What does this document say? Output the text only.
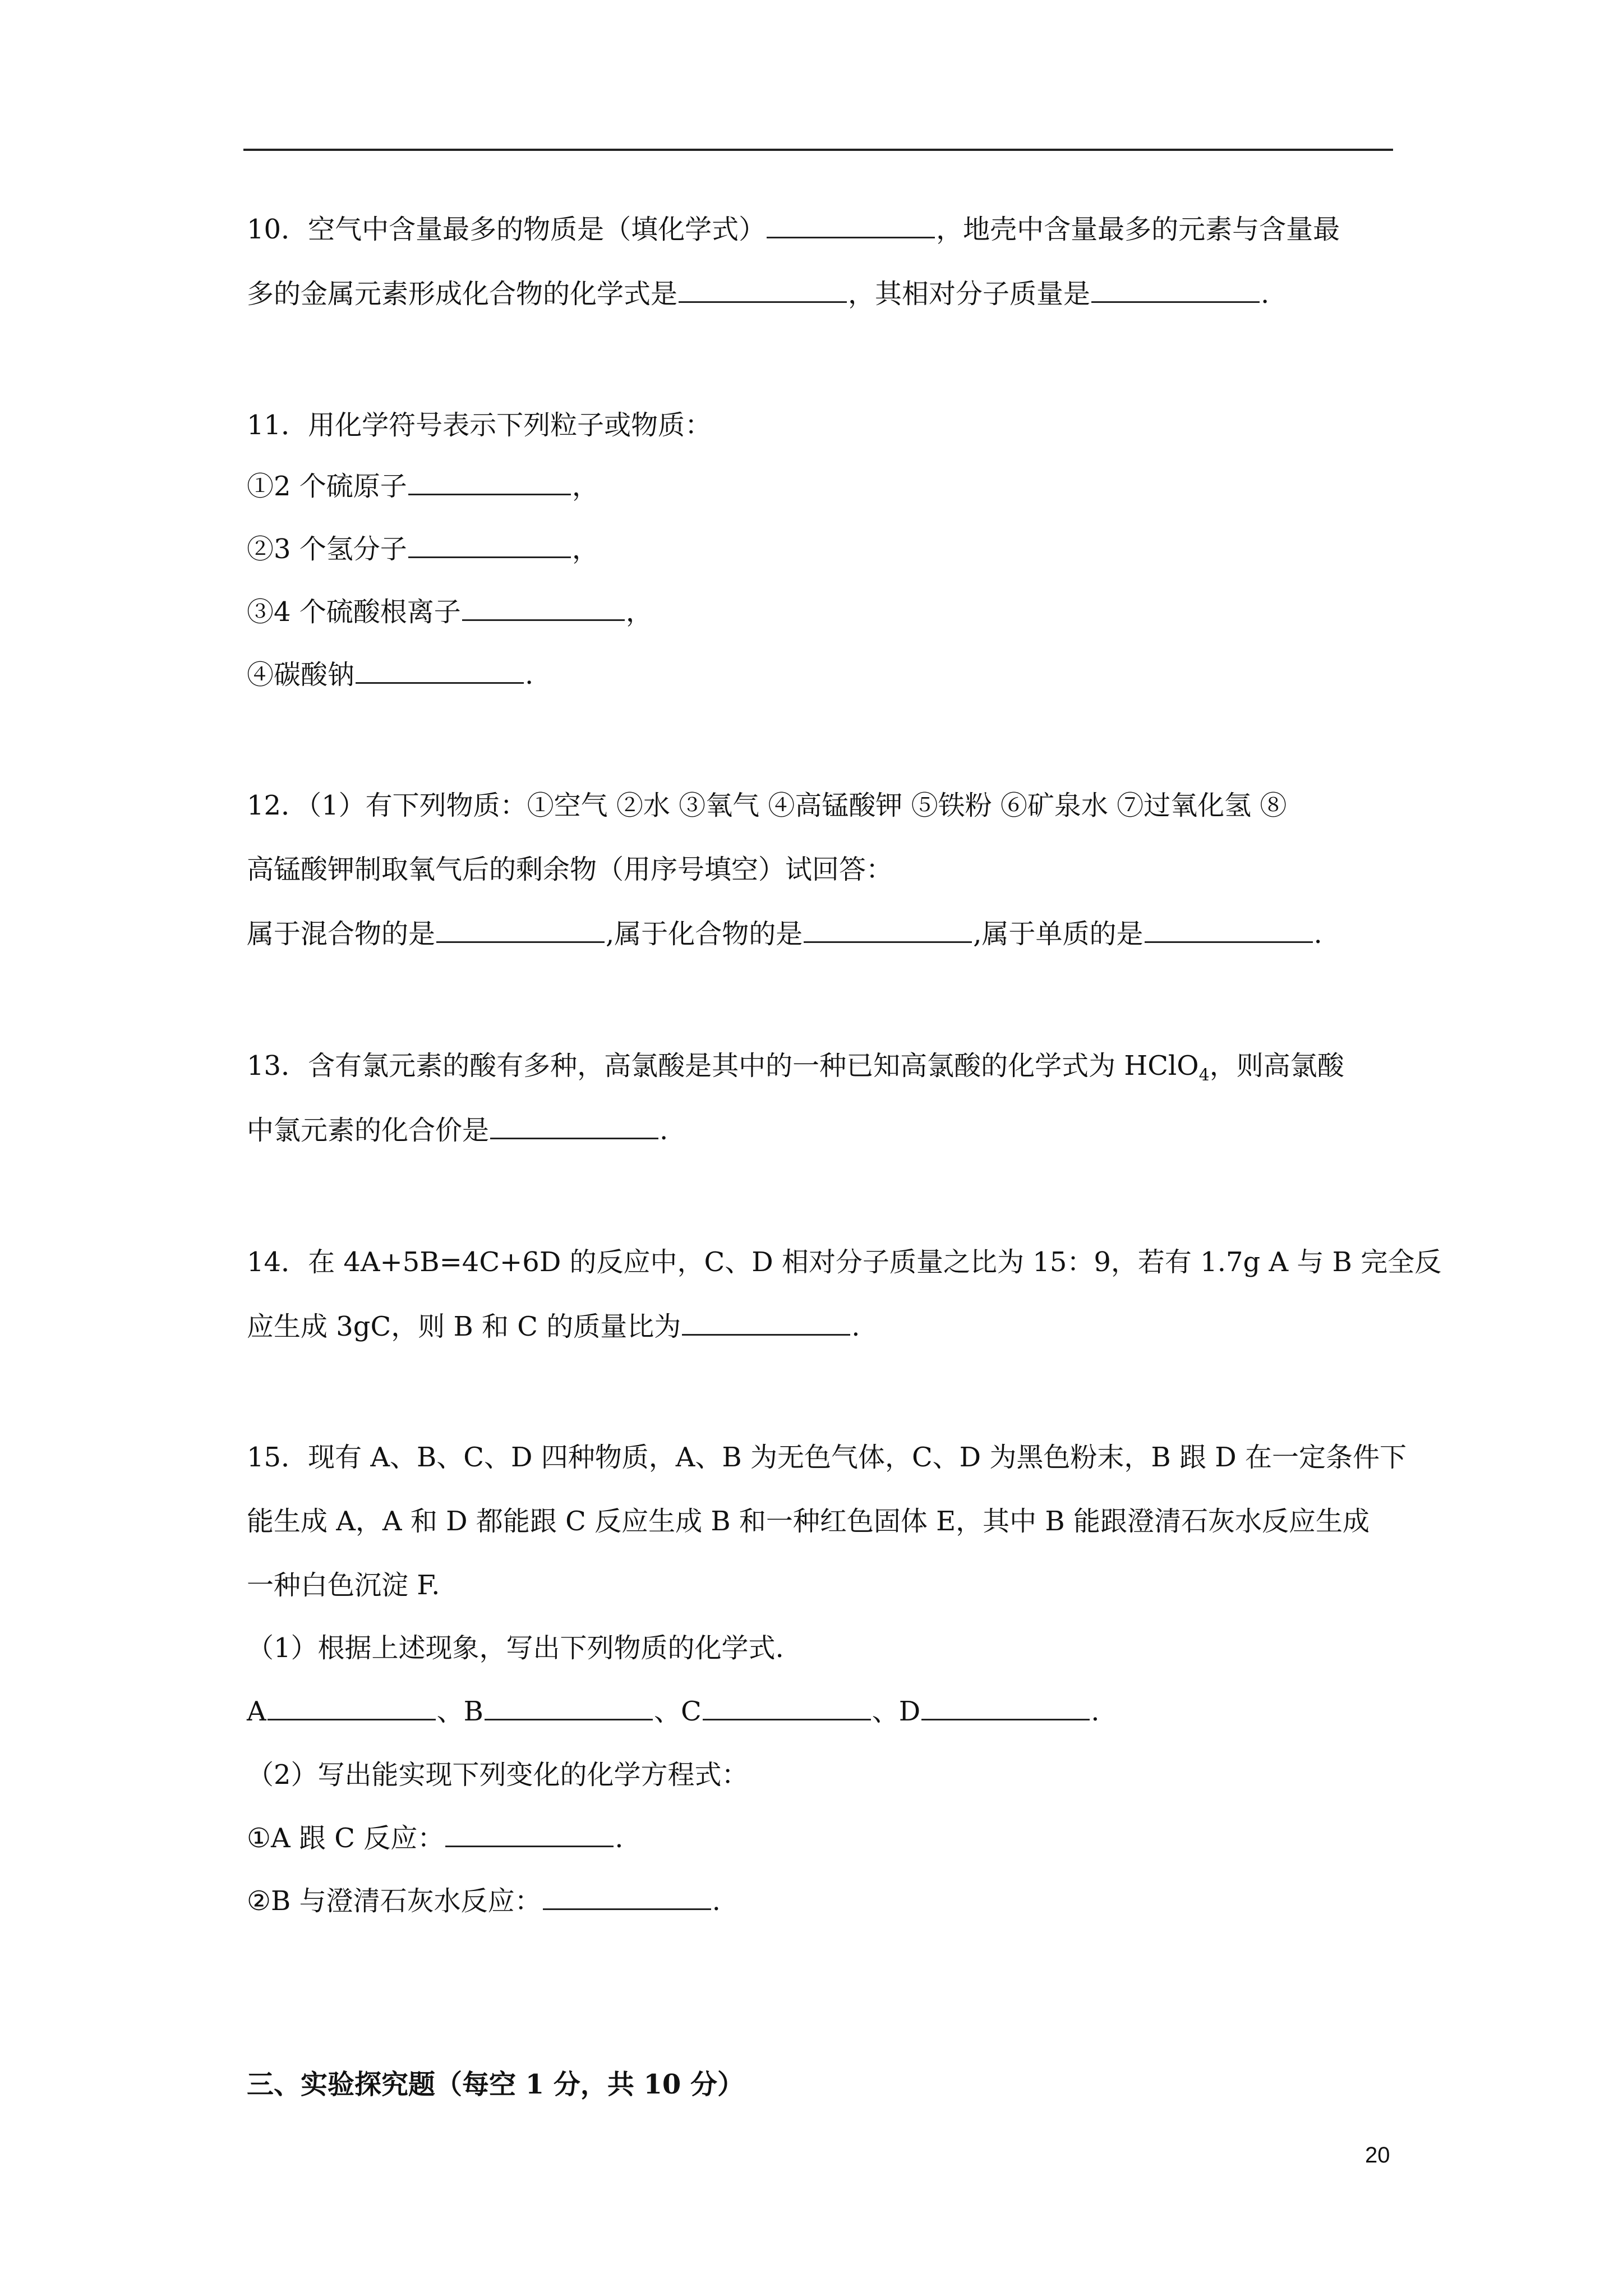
10．空气中含量最多的物质是（填化学式）	，地壳中含量最多的元素与含量最
多的金属元素形成化合物的化学式是	，其相对分子质量是	.
11．用化学符号表示下列粒子或物质：
①2 个硫原子	，
②3 个氢分子	，
③4 个硫酸根离子	，
④碳酸钠	.
12．（1）有下列物质：①空气 ②水 ③氧气 ④高锰酸钾 ⑤铁粉 ⑥矿泉水 ⑦过氧化氢 ⑧
高锰酸钾制取氧气后的剩余物（用序号填空）试回答：
属于混合物的是	,属于化合物的是	,属于单质的是	.
13．含有氯元素的酸有多种，高氯酸是其中的一种已知高氯酸的化学式为 HClO$_4$，则高氯酸
中氯元素的化合价是	.
14．在 4A+5B=4C+6D 的反应中，C、D 相对分子质量之比为 15：9，若有 1.7g A 与 B 完全反
应生成 3gC，则 B 和 C 的质量比为	.
15．现有 A、B、C、D 四种物质，A、B 为无色气体，C、D 为黑色粉末，B 跟 D 在一定条件下
能生成 A，A 和 D 都能跟 C 反应生成 B 和一种红色固体 E，其中 B 能跟澄清石灰水反应生成
一种白色沉淀 F.
（1）根据上述现象，写出下列物质的化学式.
A	、B	、C	、D	.
（2）写出能实现下列变化的化学方程式：
①A 跟 C 反应：	.
②B 与澄清石灰水反应：	.
三、实验探究题（每空 1 分，共 10 分）
20
